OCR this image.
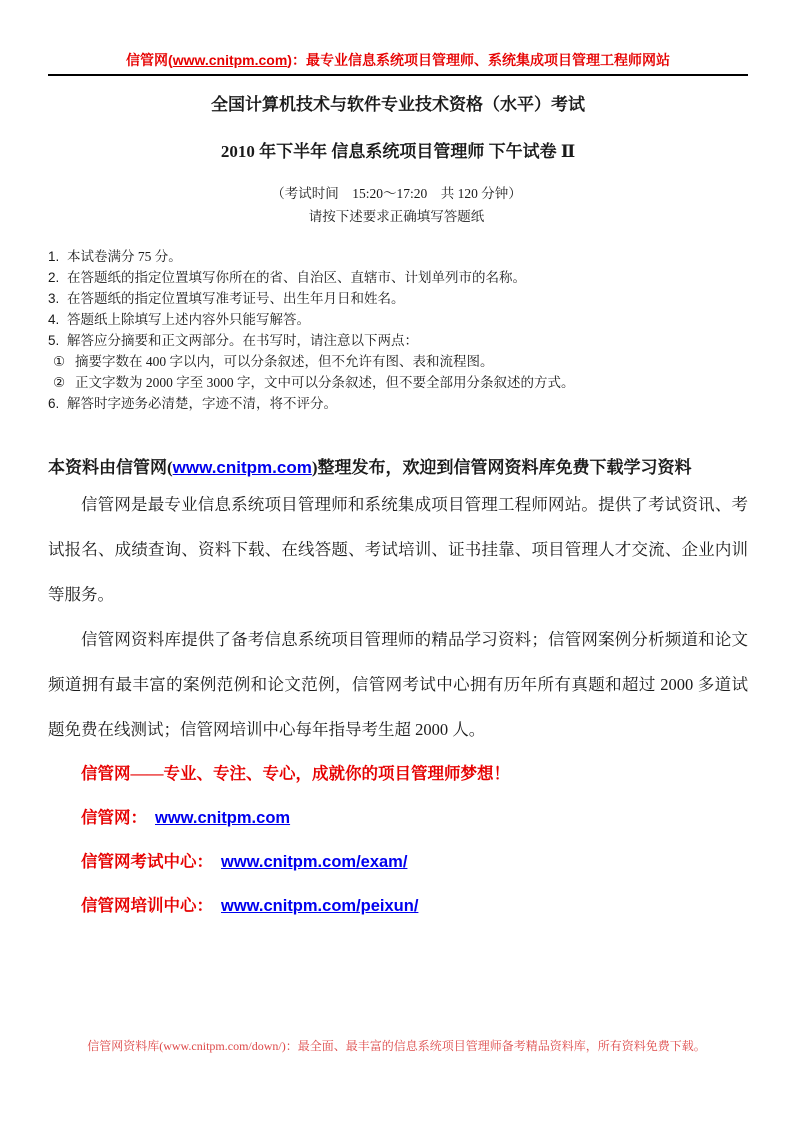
信管网(www.cnitpm.com)：最专业信息系统项目管理师、系统集成项目管理工程师网站
全国计算机技术与软件专业技术资格（水平）考试
2010 年下半年 信息系统项目管理师 下午试卷 Ⅱ
（考试时间　15:20～17:20　共 120 分钟）
请按下述要求正确填写答题纸
1. 本试卷满分 75 分。
2. 在答题纸的指定位置填写你所在的省、自治区、直辖市、计划单列市的名称。
3. 在答题纸的指定位置填写准考证号、出生年月日和姓名。
4. 答题纸上除填写上述内容外只能写解答。
5. 解答应分摘要和正文两部分。在书写时，请注意以下两点：
① 摘要字数在 400 字以内，可以分条叙述，但不允许有图、表和流程图。
② 正文字数为 2000 字至 3000 字，文中可以分条叙述，但不要全部用分条叙述的方式。
6. 解答时字迹务必清楚，字迹不清，将不评分。
本资料由信管网(www.cnitpm.com)整理发布，欢迎到信管网资料库免费下载学习资料
信管网是最专业信息系统项目管理师和系统集成项目管理工程师网站。提供了考试资讯、考试报名、成绩查询、资料下载、在线答题、考试培训、证书挂靠、项目管理人才交流、企业内训等服务。
信管网资料库提供了备考信息系统项目管理师的精品学习资料；信管网案例分析频道和论文频道拥有最丰富的案例范例和论文范例，信管网考试中心拥有历年所有真题和超过 2000 多道试题免费在线测试；信管网培训中心每年指导考生超 2000 人。
信管网——专业、专注、专心，成就你的项目管理师梦想！
信管网： www.cnitpm.com
信管网考试中心： www.cnitpm.com/exam/
信管网培训中心： www.cnitpm.com/peixun/
信管网资料库(www.cnitpm.com/down/)：最全面、最丰富的信息系统项目管理师备考精品资料库，所有资料免费下载。
